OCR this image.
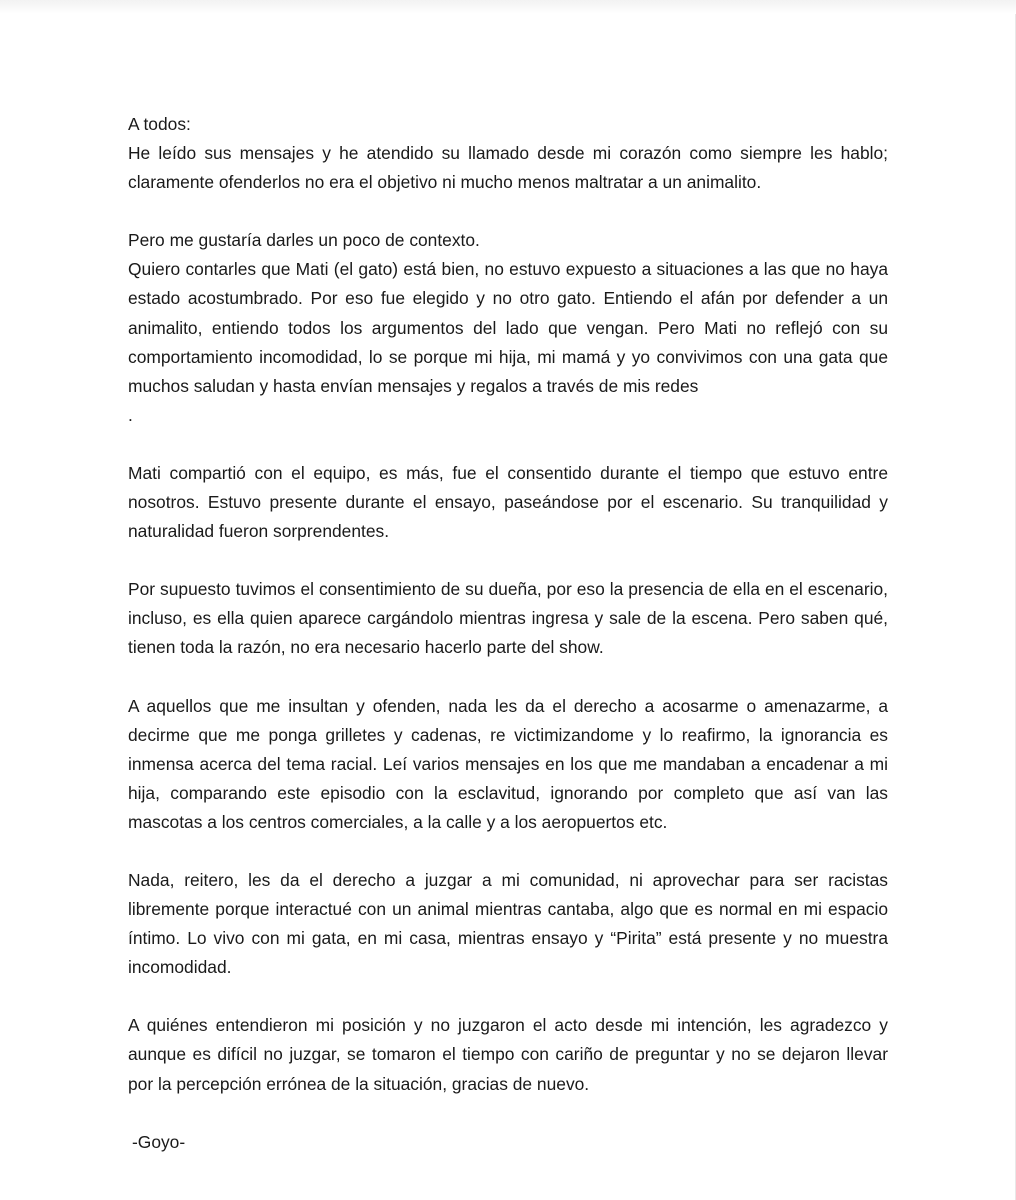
A todos:

He leído sus mensajes y he atendido su llamado desde mi corazón como siempre les hablo; claramente ofenderlos no era el objetivo ni mucho menos maltratar a un animalito.

Pero me gustaría darles un poco de contexto.

Quiero contarles que Mati (el gato) está bien, no estuvo expuesto a situaciones a las que no haya estado acostumbrado. Por eso fue elegido y no otro gato. Entiendo el afán por defender a un animalito, entiendo todos los argumentos del lado que vengan. Pero Mati no reflejó con su comportamiento incomodidad, lo se porque mi hija, mi mamá y yo convivimos con una gata que muchos saludan y hasta envían mensajes y regalos a través de mis redes

.

Mati compartió con el equipo, es más, fue el consentido durante el tiempo que estuvo entre nosotros. Estuvo presente durante el ensayo, paseándose por el escenario. Su tranquilidad y naturalidad fueron sorprendentes.

Por supuesto tuvimos el consentimiento de su dueña, por eso la presencia de ella en el escenario, incluso, es ella quien aparece cargándolo mientras ingresa y sale de la escena. Pero saben qué, tienen toda la razón, no era necesario hacerlo parte del show.

A aquellos que me insultan y ofenden, nada les da el derecho a acosarme o amenazarme, a decirme que me ponga grilletes y cadenas, re victimizandome y lo reafirmo, la ignorancia es inmensa acerca del tema racial. Leí varios mensajes en los que me mandaban a encadenar a mi hija, comparando este episodio con la esclavitud, ignorando por completo que así van las mascotas a los centros comerciales, a la calle y a los aeropuertos etc.

Nada, reitero, les da el derecho a juzgar a mi comunidad, ni aprovechar para ser racistas libremente porque interactué con un animal mientras cantaba, algo que es normal en mi espacio íntimo. Lo vivo con mi gata, en mi casa, mientras ensayo y “Pirita” está presente y no muestra incomodidad.

A quiénes entendieron mi posición y no juzgaron el acto desde mi intención, les agradezco y aunque es difícil no juzgar, se tomaron el tiempo con cariño de preguntar y no se dejaron llevar por la percepción errónea de la situación, gracias de nuevo.

-Goyo-
